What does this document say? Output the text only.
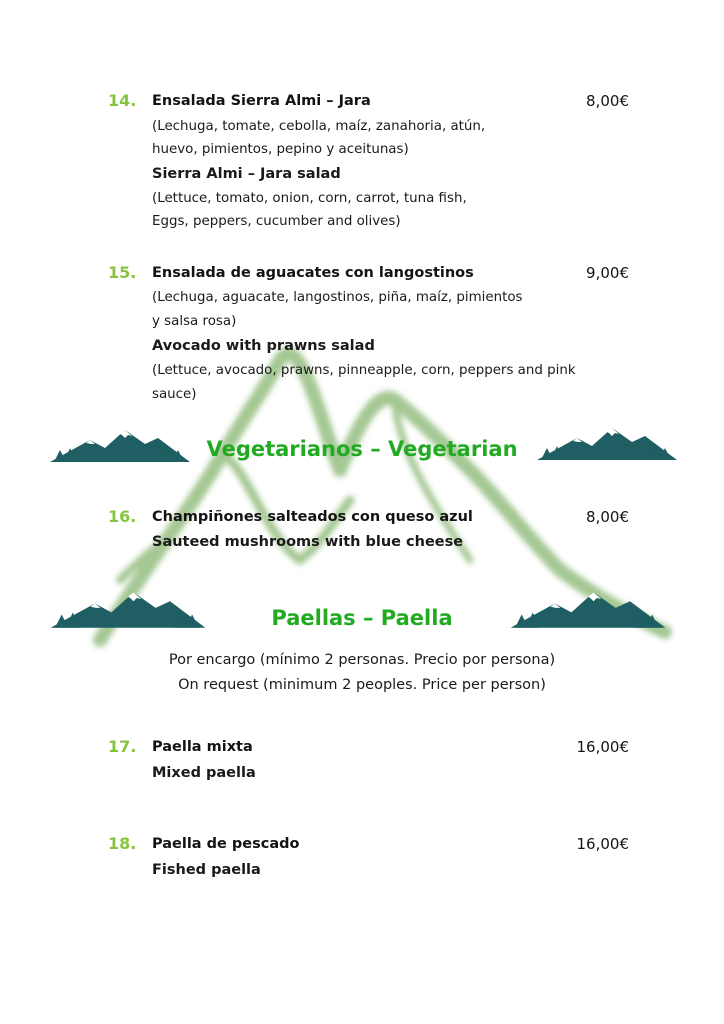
14. Ensalada Sierra Almi – Jara	8,00€
(Lechuga, tomate, cebolla, maíz, zanahoria, atún,
huevo, pimientos, pepino y aceitunas)
Sierra Almi – Jara salad
(Lettuce, tomato, onion, corn, carrot, tuna fish,
Eggs, peppers, cucumber and olives)
15. Ensalada de aguacates con langostinos	9,00€
(Lechuga, aguacate, langostinos, piña, maíz, pimientos
y salsa rosa)
Avocado with prawns salad
(Lettuce, avocado, prawns, pinneapple, corn, peppers and pink
sauce)
Vegetarianos – Vegetarian
16. Champiñones salteados con queso azul	8,00€
Sauteed mushrooms with blue cheese
Paellas – Paella
Por encargo (mínimo 2 personas. Precio por persona)
On request (minimum 2 peoples. Price per person)
17. Paella mixta	16,00€
Mixed paella
18. Paella de pescado	16,00€
Fished paella
